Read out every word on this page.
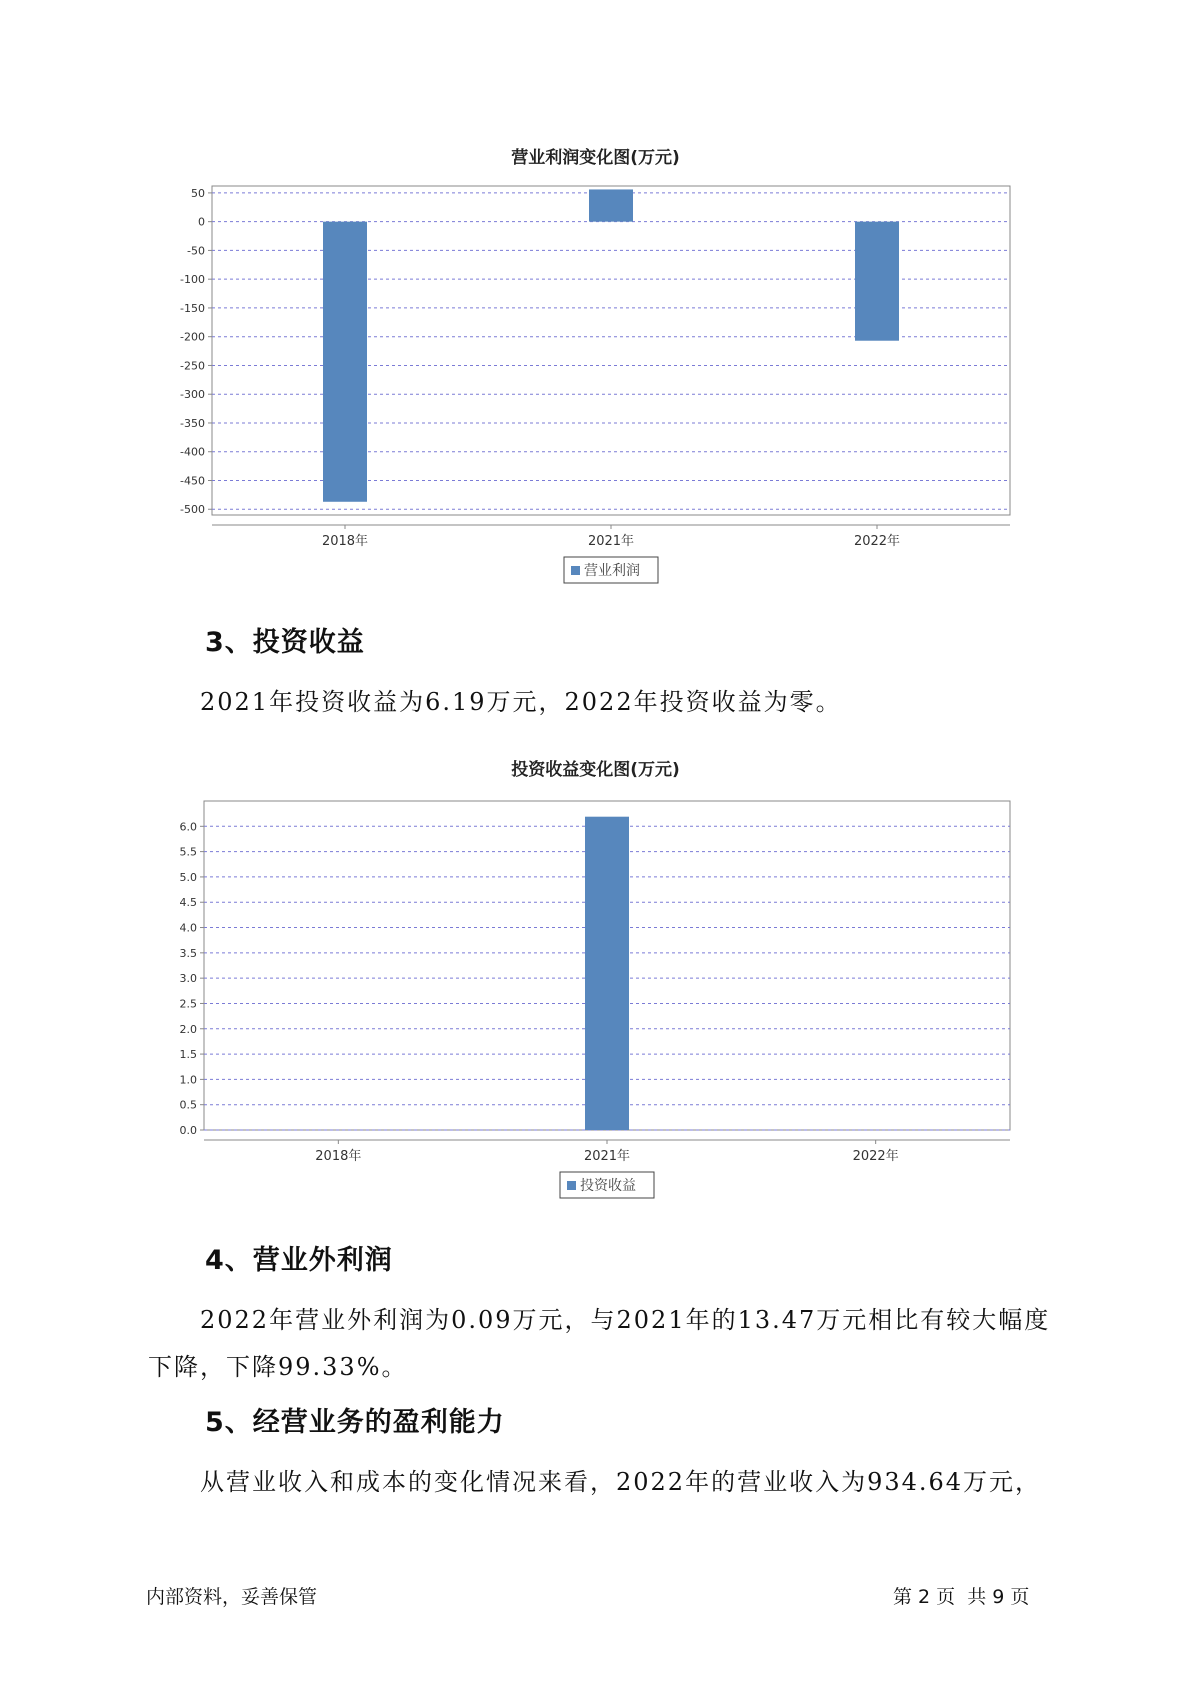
营业利润变化图(万元)
50
0
-50
-100
-150
-200
-250
-300
-350
-400
-450
-500
2018年	2021年	2022年
营业利润
3、投资收益
2021年投资收益为6.19万元，2022年投资收益为零。
投资收益变化图(万元)
0.0
0.5
1.0
1.5
2.0
2.5
3.0
3.5
4.0
4.5
5.0
5.5
6.0
2018年	2021年	2022年
投资收益
4、营业外利润
2022年营业外利润为0.09万元，与2021年的13.47万元相比有较大幅度
下降，下降99.33%。
5、经营业务的盈利能力
从营业收入和成本的变化情况来看，2022年的营业收入为934.64万元，
内部资料，妥善保管	第 2 页  共 9 页
